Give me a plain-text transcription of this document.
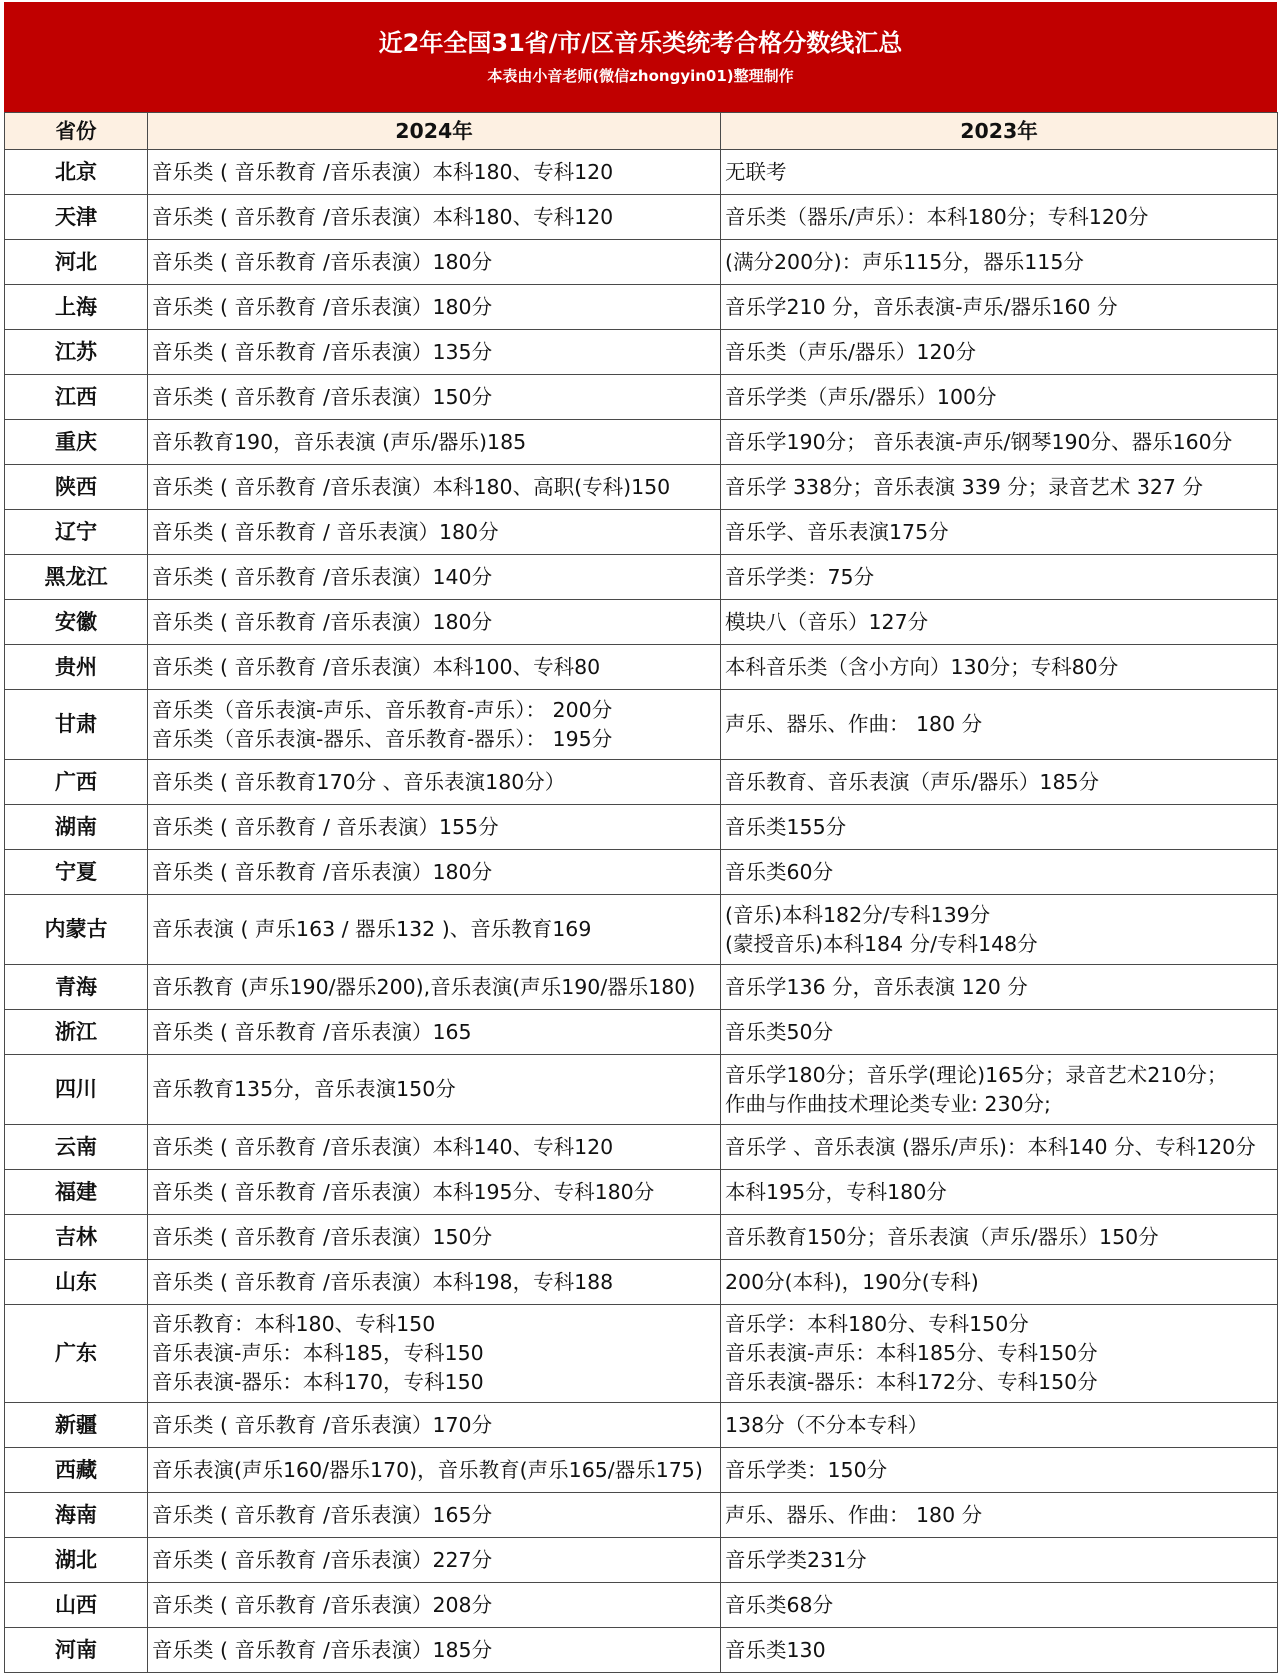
近2年全国31省/市/区音乐类统考合格分数线汇总
本表由小音老师(微信zhongyin01)整理制作
省份	2024年	2023年
北京	音乐类 ( 音乐教育 /音乐表演）本科180、专科120	无联考

天津	音乐类 ( 音乐教育 /音乐表演）本科180、专科120	音乐类（器乐/声乐）：本科180分；专科120分

河北	音乐类 ( 音乐教育 /音乐表演）180分	(满分200分)：声乐115分，器乐115分

上海	音乐类 ( 音乐教育 /音乐表演）180分	音乐学210 分，音乐表演-声乐/器乐160 分

江苏	音乐类 ( 音乐教育 /音乐表演）135分	音乐类（声乐/器乐）120分

江西	音乐类 ( 音乐教育 /音乐表演）150分	音乐学类（声乐/器乐）100分

重庆	音乐教育190，音乐表演 (声乐/器乐)185	音乐学190分； 音乐表演-声乐/钢琴190分、器乐160分

陕西	音乐类 ( 音乐教育 /音乐表演）本科180、高职(专科)150	音乐学 338分；音乐表演 339 分；录音艺术 327 分

辽宁	音乐类 ( 音乐教育 / 音乐表演）180分	音乐学、音乐表演175分

黑龙江	音乐类 ( 音乐教育 /音乐表演）140分	音乐学类：75分

安徽	音乐类 ( 音乐教育 /音乐表演）180分	模块八（音乐）127分

贵州	音乐类 ( 音乐教育 /音乐表演）本科100、专科80	本科音乐类（含小方向）130分；专科80分

甘肃	音乐类（音乐表演-声乐、音乐教育-声乐）： 200分
音乐类（音乐表演-器乐、音乐教育-器乐）： 195分	声乐、器乐、作曲： 180 分

广西	音乐类 ( 音乐教育170分 、音乐表演180分）	音乐教育、音乐表演（声乐/器乐）185分

湖南	音乐类 ( 音乐教育 / 音乐表演）155分	音乐类155分

宁夏	音乐类 ( 音乐教育 /音乐表演）180分	音乐类60分

内蒙古	音乐表演 ( 声乐163 / 器乐132 )、音乐教育169	(音乐)本科182分/专科139分
(蒙授音乐)本科184 分/专科148分

青海	音乐教育 (声乐190/器乐200),音乐表演(声乐190/器乐180)	音乐学136 分，音乐表演 120 分

浙江	音乐类 ( 音乐教育 /音乐表演）165	音乐类50分

四川	音乐教育135分，音乐表演150分	音乐学180分；音乐学(理论)165分；录音艺术210分；
作曲与作曲技术理论类专业: 230分;

云南	音乐类 ( 音乐教育 /音乐表演）本科140、专科120	音乐学 、音乐表演 (器乐/声乐)：本科140 分、专科120分

福建	音乐类 ( 音乐教育 /音乐表演）本科195分、专科180分	本科195分，专科180分

吉林	音乐类 ( 音乐教育 /音乐表演）150分	音乐教育150分；音乐表演（声乐/器乐）150分

山东	音乐类 ( 音乐教育 /音乐表演）本科198，专科188	200分(本科)，190分(专科)

广东	音乐教育：本科180、专科150
音乐表演-声乐：本科185，专科150
音乐表演-器乐：本科170，专科150	音乐学：本科180分、专科150分
音乐表演-声乐：本科185分、专科150分
音乐表演-器乐：本科172分、专科150分

新疆	音乐类 ( 音乐教育 /音乐表演）170分	138分（不分本专科）

西藏	音乐表演(声乐160/器乐170)，音乐教育(声乐165/器乐175)	音乐学类：150分

海南	音乐类 ( 音乐教育 /音乐表演）165分	声乐、器乐、作曲： 180 分

湖北	音乐类 ( 音乐教育 /音乐表演）227分	音乐学类231分

山西	音乐类 ( 音乐教育 /音乐表演）208分	音乐类68分

河南	音乐类 ( 音乐教育 /音乐表演）185分	音乐类130
